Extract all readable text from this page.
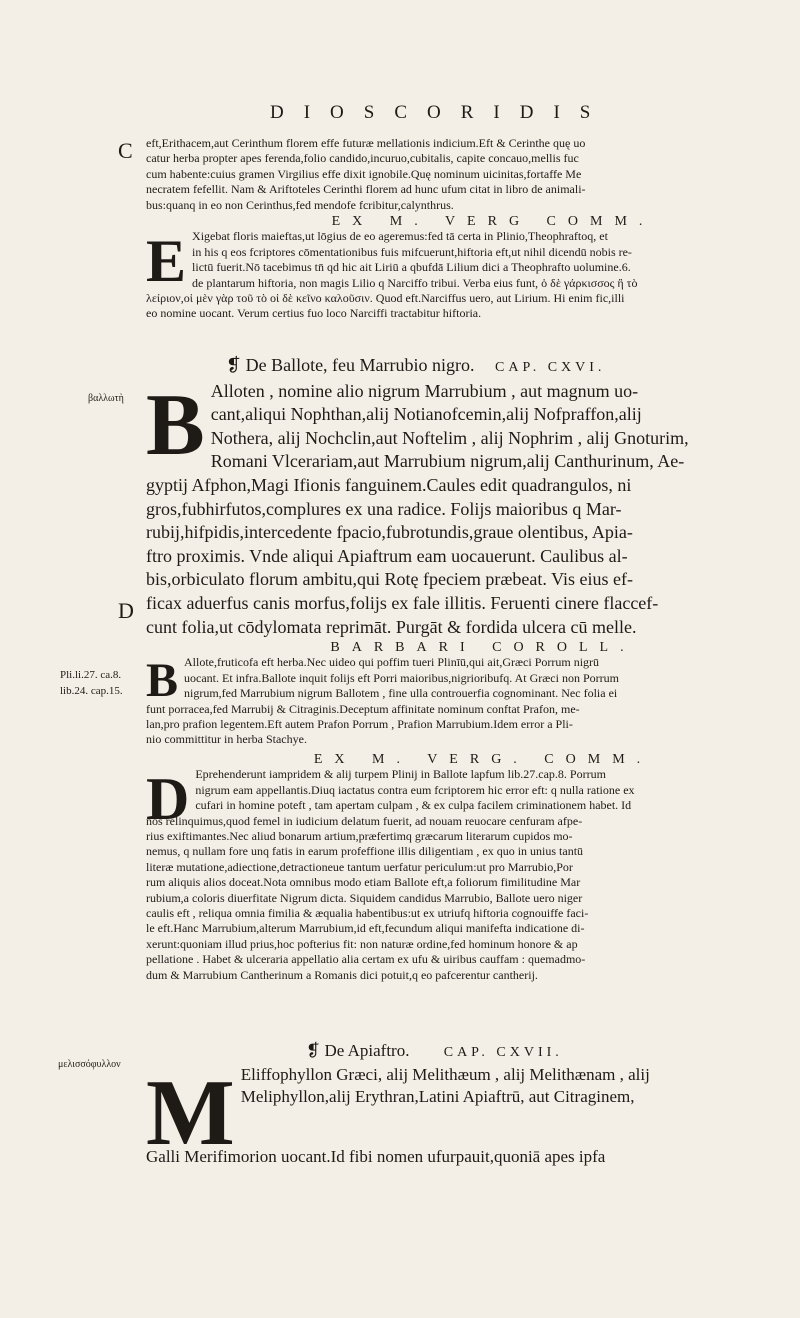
DIOSCORIDIS
C
βαλλωτὴ
D
Pli.li.27. ca.8.
lib.24. cap.15.
μελισσόφυλλον
eft,Erithacem,aut Cerinthum florem effe futuræ mellationis indicium.Eft & Cerinthe quę uo
catur herba propter apes ferenda,folio candido,incuruo,cubitalis, capite concauo,mellis fuc
cum habente:cuius gramen Virgilius effe dixit ignobile.Quę nominum uicinitas,fortaffe Me
necratem fefellit. Nam & Ariftoteles Cerinthi florem ad hunc ufum citat in libro de animali-
bus:quanq in eo non Cerinthus,fed mendofe fcribitur,calynthrus.
EX M. VERG COMM.
E Xigebat floris maieftas,ut lōgius de eo ageremus:fed tā certa in Plinio,Theophraftoq, et
in his q eos fcriptores cōmentationibus fuis mifcuerunt,hiftoria eft,ut nihil dicendū nobis re-
lictū fuerit.Nō tacebimus tn̄ qd hic ait Liriū a qbufdā Lilium dici a Theophrafto uolumine.6.
de plantarum hiftoria, non magis Lilio q Narciffo tribui. Verba eius funt, ὁ δὲ γάρκισσος ἢ τὸ
λείριον,οἱ μὲν γὰρ τοῦ τὸ οἱ δὲ κεῖνο καλοῦσιν. Quod eft.Narciffus uero, aut Lirium. Hi enim fic,illi
eo nomine uocant. Verum certius fuo loco Narciffi tractabitur hiftoria.
❡ De Ballote, feu Marrubio nigro. CAP. CXVI.
B Alloten , nomine alio nigrum Marrubium , aut magnum uo-
cant,aliqui Nophthan,alij Notianofcemin,alij Nofpraffon,alij
Nothera, alij Nochclin,aut Noftelim , alij Nophrim , alij Gnoturim,
Romani Vlcerariam,aut Marrubium nigrum,alij Canthurinum, Ae-
gyptij Afphon,Magi Ifionis fanguinem.Caules edit quadrangulos, ni
gros,fubhirfutos,complures ex una radice. Folijs maioribus q Mar-
rubij,hifpidis,intercedente fpacio,fubrotundis,graue olentibus, Apia-
ftro proximis. Vnde aliqui Apiaftrum eam uocauerunt. Caulibus al-
bis,orbiculato florum ambitu,qui Rotę fpeciem præbeat. Vis eius ef-
ficax aduerfus canis morfus,folijs ex fale illitis. Feruenti cinere flaccef-
cunt folia,ut cōdylomata reprimāt. Purgāt & fordida ulcera cū melle.
BARBARI COROLL.
B Allote,fruticofa eft herba.Nec uideo qui poffim tueri Plinīū,qui ait,Græci Porrum nigrū
uocant. Et infra.Ballote inquit folijs eft Porri maioribus,nigrioribufq. At Græci non Porrum
nigrum,fed Marrubium nigrum Ballotem , fine ulla controuerfia cognominant. Nec folia ei
funt porracea,fed Marrubij & Citraginis.Deceptum affinitate nominum conftat Prafon, me-
lan,pro prafion legentem.Eft autem Prafon Porrum , Prafion Marrubium.Idem error a Pli-
nio committitur in herba Stachye.
EX M. VERG. COMM.
D Eprehenderunt iampridem & alij turpem Plinij in Ballote lapfum lib.27.cap.8. Porrum
nigrum eam appellantis.Diuq iactatus contra eum fcriptorem hic error eft: q nulla ratione ex
cufari in homine poteft , tam apertam culpam , & ex culpa facilem criminationem habet. Id
nos relinquimus,quod femel in iudicium delatum fuerit, ad nouam reuocare cenfuram afpe-
rius exiftimantes.Nec aliud bonarum artium,præfertimq græcarum literarum cupidos mo-
nemus, q nullam fore unq fatis in earum profeffione illis diligentiam , ex quo in unius tantū
literæ mutatione,adiectione,detractioneue tantum uerfatur periculum:ut pro Marrubio,Por
rum aliquis alios doceat.Nota omnibus modo etiam Ballote eft,a foliorum fimilitudine Mar
rubium,a coloris diuerfitate Nigrum dicta. Siquidem candidus Marrubio, Ballote uero niger
caulis eft , reliqua omnia fimilia & æqualia habentibus:ut ex utriufq hiftoria cognouiffe faci-
le eft.Hanc Marrubium,alterum Marrubium,id eft,fecundum aliqui manifefta indicatione di-
xerunt:quoniam illud prius,hoc pofterius fit: non naturæ ordine,fed hominum honore & ap
pellatione . Habet & ulceraria appellatio alia certam ex ufu & uiribus cauffam : quemadmo-
dum & Marrubium Cantherinum a Romanis dici potuit,q eo pafcerentur cantherij.
❡ De Apiaftro. CAP. CXVII.
M Eliffophyllon Græci, alij Melithæum , alij Melithænam , alij
Meliphyllon,alij Erythran,Latini Apiaftrū, aut Citraginem,
Galli Merifimorion uocant.Id fibi nomen ufurpauit,quoniā apes ipfa
